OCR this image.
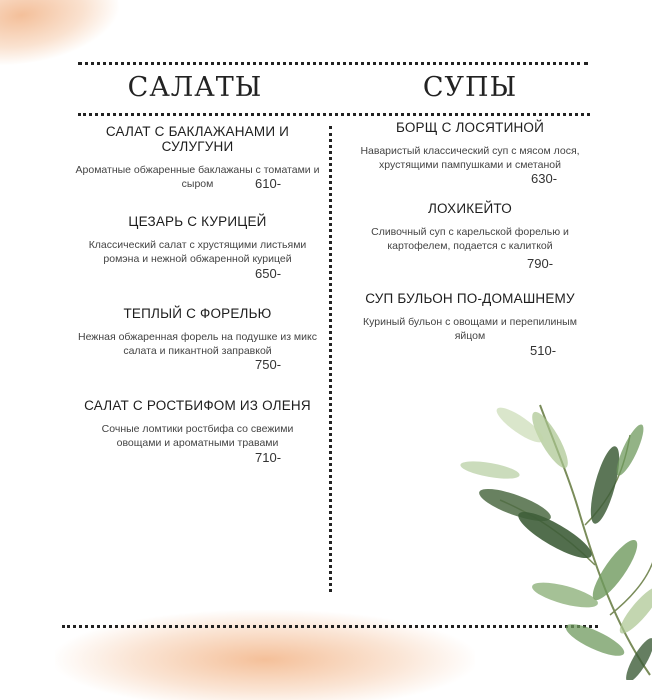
САЛАТЫ	СУПЫ
САЛАТ С БАКЛАЖАНАМИ И СУЛУГУНИ
Ароматные обжаренные баклажаны с томатами и сыром	610-
ЦЕЗАРЬ С КУРИЦЕЙ
Классический салат с хрустящими листьями ромэна и нежной обжаренной курицей
650-
ТЕПЛЫЙ С ФОРЕЛЬЮ
Нежная обжаренная форель на подушке из микс салата и пикантной заправкой
750-
САЛАТ С РОСТБИФОМ ИЗ ОЛЕНЯ
Сочные ломтики ростбифа со свежими овощами и ароматными травами
710-
БОРЩ С ЛОСЯТИНОЙ
Наваристый классический суп с мясом лося, хрустящими пампушками и сметаной
630-
ЛОХИКЕЙТО
Сливочный суп с карельской форелью и картофелем, подается с калиткой
790-
СУП БУЛЬОН ПО-ДОМАШНЕМУ
Куриный бульон с овощами и перепилиным яйцом
510-
